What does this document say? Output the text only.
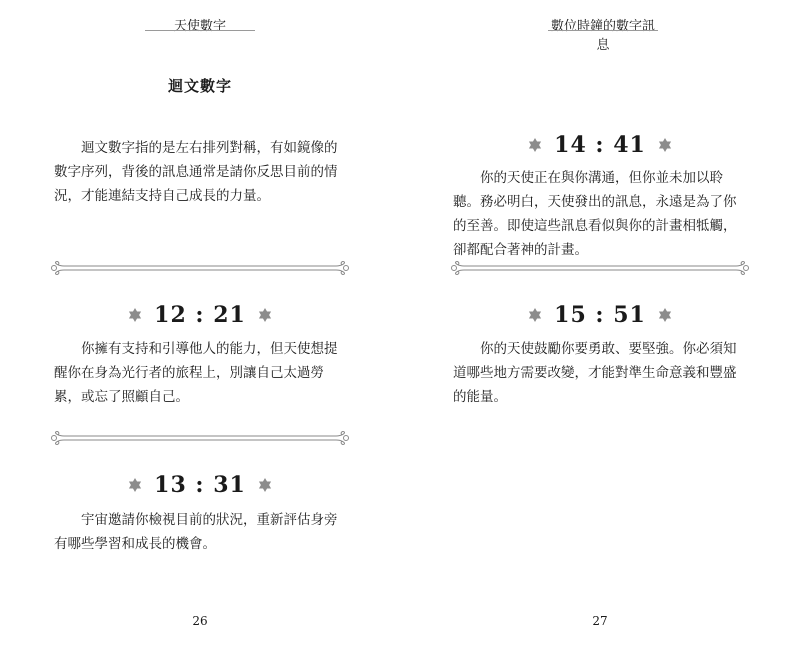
天使數字
迴文數字

迴文數字指的是左右排列對稱，有如鏡像的數字序列，背後的訊息通常是請你反思目前的情況，才能連結支持自己成長的力量。

12 : 21

你擁有支持和引導他人的能力，但天使想提醒你在身為光行者的旅程上，別讓自己太過勞累，或忘了照顧自己。

13 : 31

宇宙邀請你檢視目前的狀況，重新評估身旁有哪些學習和成長的機會。

26
數位時鐘的數字訊息
14 : 41

你的天使正在與你溝通，但你並未加以聆聽。務必明白，天使發出的訊息，永遠是為了你的至善。即使這些訊息看似與你的計畫相牴觸，卻都配合著神的計畫。

15 : 51

你的天使鼓勵你要勇敢、要堅強。你必須知道哪些地方需要改變，才能對準生命意義和豐盛的能量。

27
